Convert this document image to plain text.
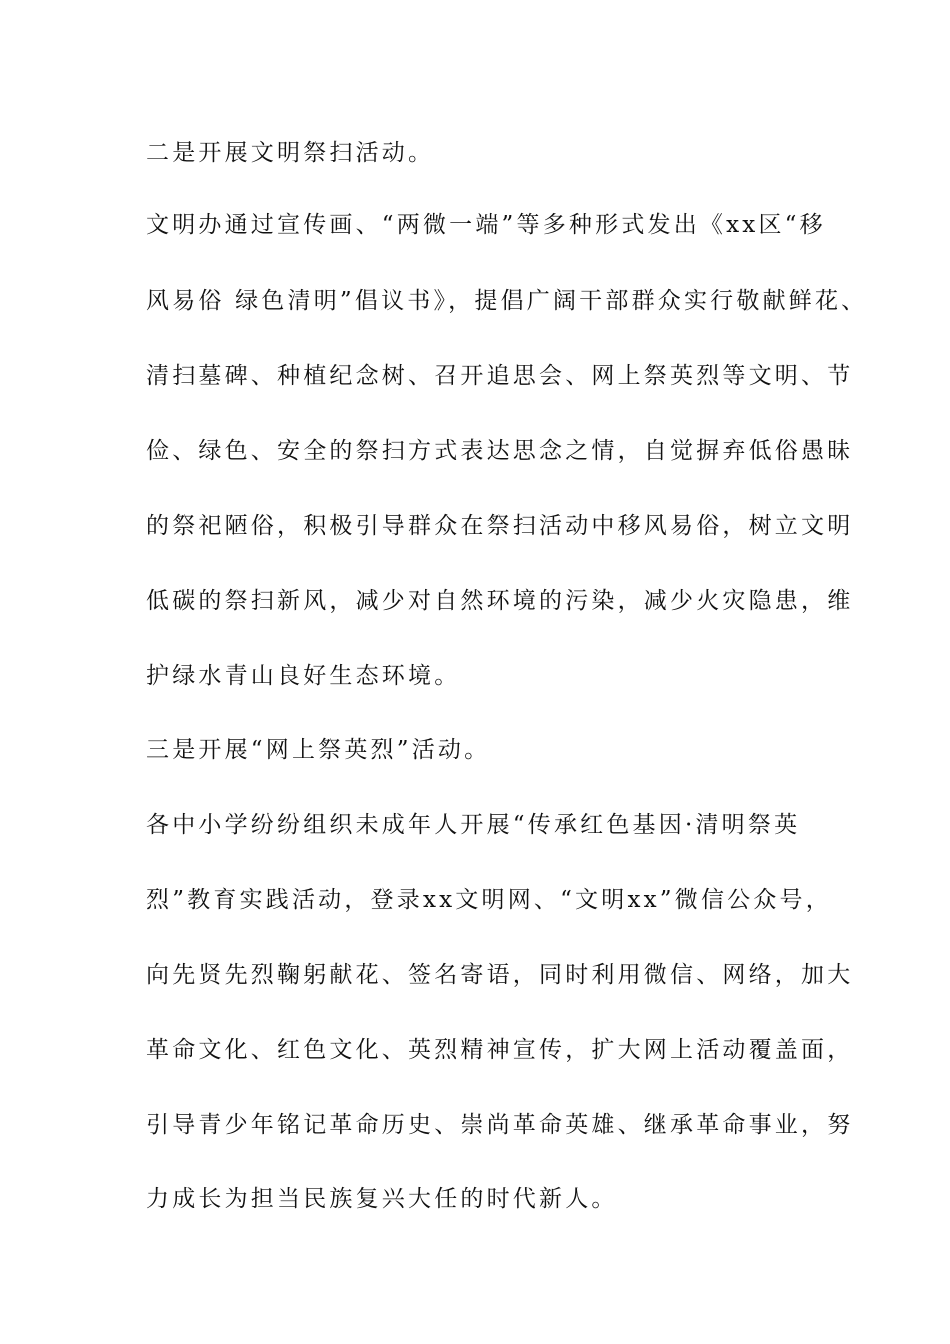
二是开展文明祭扫活动。
文明办通过宣传画、“两微一端”等多种形式发出《xx区“移
风易俗 绿色清明”倡议书》，提倡广阔干部群众实行敬献鲜花、
清扫墓碑、种植纪念树、召开追思会、网上祭英烈等文明、节
俭、绿色、安全的祭扫方式表达思念之情，自觉摒弃低俗愚昧
的祭祀陋俗，积极引导群众在祭扫活动中移风易俗，树立文明
低碳的祭扫新风，减少对自然环境的污染，减少火灾隐患，维
护绿水青山良好生态环境。
三是开展“网上祭英烈”活动。
各中小学纷纷组织未成年人开展“传承红色基因·清明祭英
烈”教育实践活动，登录xx文明网、“文明xx”微信公众号，
向先贤先烈鞠躬献花、签名寄语，同时利用微信、网络，加大
革命文化、红色文化、英烈精神宣传，扩大网上活动覆盖面，
引导青少年铭记革命历史、崇尚革命英雄、继承革命事业，努
力成长为担当民族复兴大任的时代新人。
